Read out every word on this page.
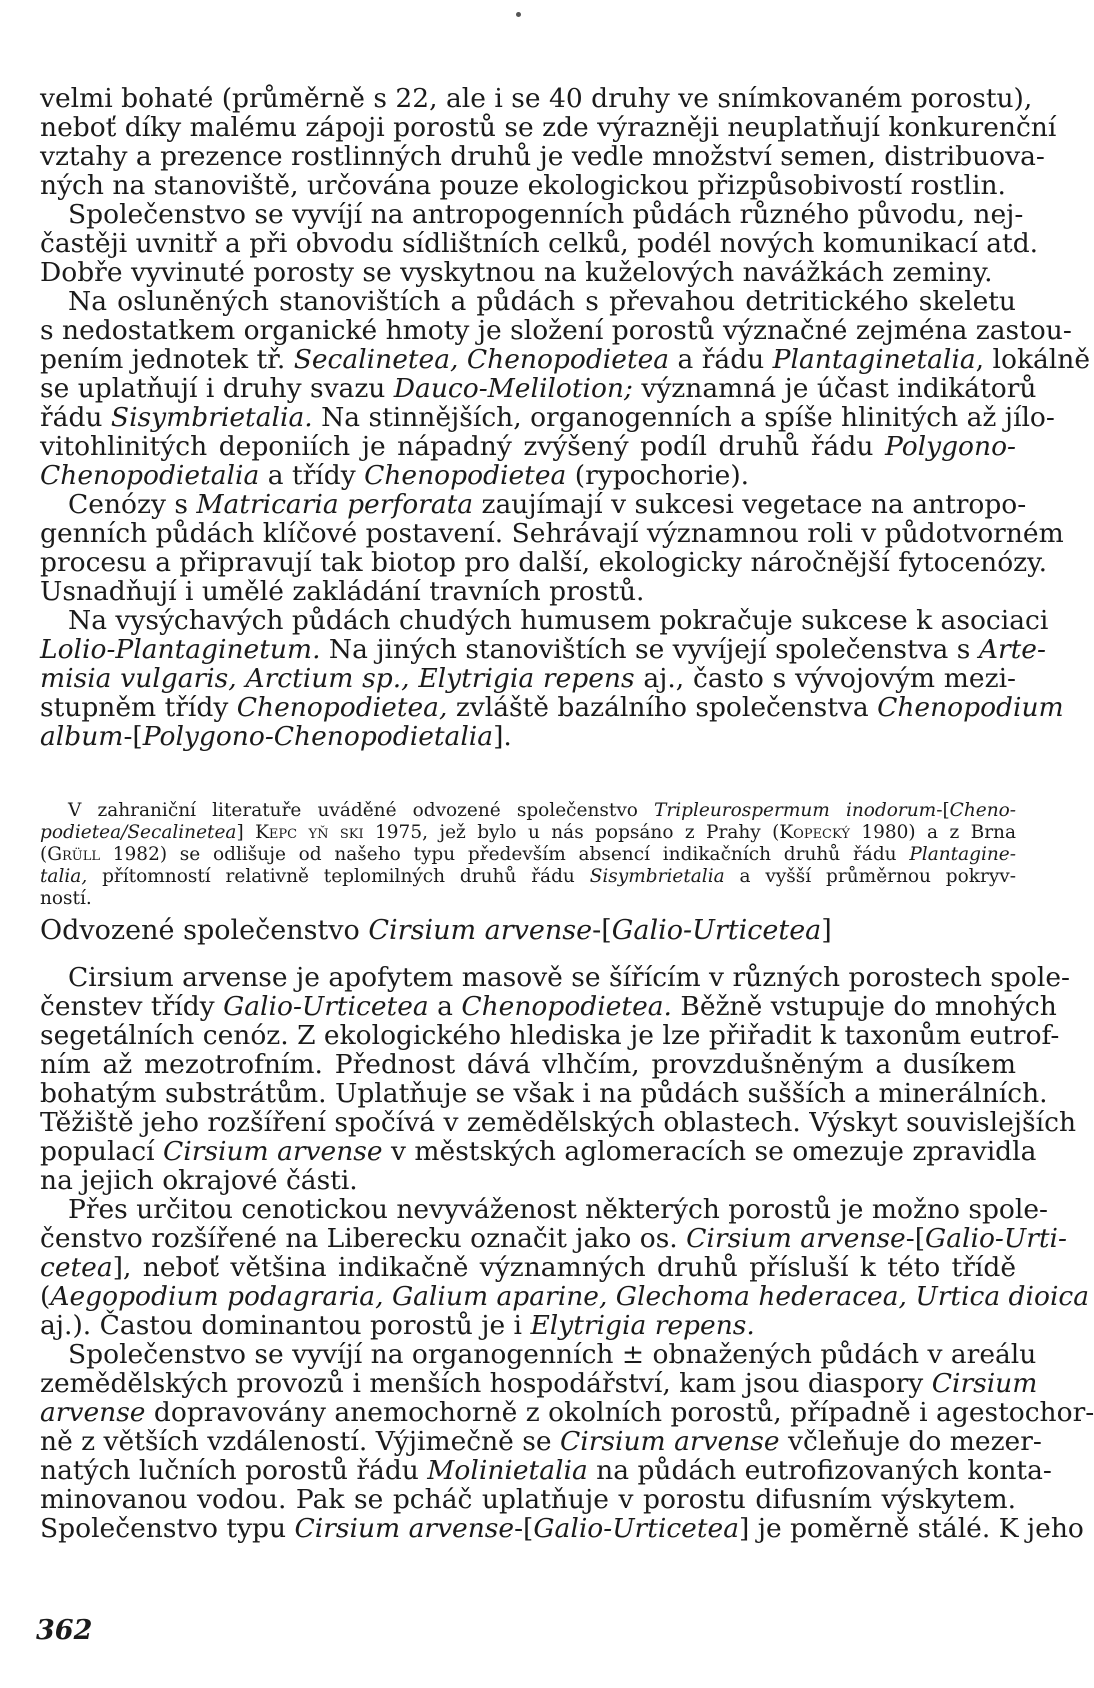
velmi bohaté (průměrně s 22, ale i se 40 druhy ve snímkovaném porostu),
neboť díky malému zápoji porostů se zde výrazněji neuplatňují konkurenční
vztahy a prezence rostlinných druhů je vedle množství semen, distribuova-
ných na stanoviště, určována pouze ekologickou přizpůsobivostí rostlin.
Společenstvo se vyvíjí na antropogenních půdách různého původu, nej-
častěji uvnitř a při obvodu sídlištních celků, podél nových komunikací atd.
Dobře vyvinuté porosty se vyskytnou na kuželových navážkách zeminy.
Na osluněných stanovištích a půdách s převahou detritického skeletu
s nedostatkem organické hmoty je složení porostů význačné zejména zastou-
pením jednotek tř. Secalinetea, Chenopodietea a řádu Plantaginetalia, lokálně
se uplatňují i druhy svazu Dauco-Melilotion; významná je účast indikátorů
řádu Sisymbrietalia. Na stinnějších, organogenních a spíše hlinitých až jílo-
vitohlinitých deponiích je nápadný zvýšený podíl druhů řádu Polygono-
Chenopodietalia a třídy Chenopodietea (rypochorie).
Cenózy s Matricaria perforata zaujímají v sukcesi vegetace na antropo-
genních půdách klíčové postavení. Sehrávají významnou roli v půdotvorném
procesu a připravují tak biotop pro další, ekologicky náročnější fytocenózy.
Usnadňují i umělé zakládání travních prostů.
Na vysýchavých půdách chudých humusem pokračuje sukcese k asociaci
Lolio-Plantaginetum. Na jiných stanovištích se vyvíjejí společenstva s Arte-
misia vulgaris, Arctium sp., Elytrigia repens aj., často s vývojovým mezi-
stupněm třídy Chenopodietea, zvláště bazálního společenstva Chenopodium
album-[Polygono-Chenopodietalia].
V zahraniční literatuře uváděné odvozené společenstvo Tripleurospermum inodorum-[Cheno-
podietea/Secalinetea] Kepc yň ski 1975, jež bylo u nás popsáno z Prahy (Kopecký 1980) a z Brna
(Grüll 1982) se odlišuje od našeho typu především absencí indikačních druhů řádu Plantagine-
talia, přítomností relativně teplomilných druhů řádu Sisymbrietalia a vyšší průměrnou pokryv-
ností.
Odvozené společenstvo Cirsium arvense-[Galio-Urticetea]
Cirsium arvense je apofytem masově se šířícím v různých porostech spole-
čenstev třídy Galio-Urticetea a Chenopodietea. Běžně vstupuje do mnohých
segetálních cenóz. Z ekologického hlediska je lze přiřadit k taxonům eutrof-
ním až mezotrofním. Přednost dává vlhčím, provzdušněným a dusíkem
bohatým substrátům. Uplatňuje se však i na půdách sušších a minerálních.
Těžiště jeho rozšíření spočívá v zemědělských oblastech. Výskyt souvislejších
populací Cirsium arvense v městských aglomeracích se omezuje zpravidla
na jejich okrajové části.
Přes určitou cenotickou nevyváženost některých porostů je možno spole-
čenstvo rozšířené na Liberecku označit jako os. Cirsium arvense-[Galio-Urti-
cetea], neboť většina indikačně významných druhů přísluší k této třídě
(Aegopodium podagraria, Galium aparine, Glechoma hederacea, Urtica dioica
aj.). Častou dominantou porostů je i Elytrigia repens.
Společenstvo se vyvíjí na organogenních ± obnažených půdách v areálu
zemědělských provozů i menších hospodářství, kam jsou diaspory Cirsium
arvense dopravovány anemochorně z okolních porostů, případně i agestochor-
ně z větších vzdáleností. Výjimečně se Cirsium arvense včleňuje do mezer-
natých lučních porostů řádu Molinietalia na půdách eutrofizovaných konta-
minovanou vodou. Pak se pcháč uplatňuje v porostu difusním výskytem.
Společenstvo typu Cirsium arvense-[Galio-Urticetea] je poměrně stálé. K jeho
362
